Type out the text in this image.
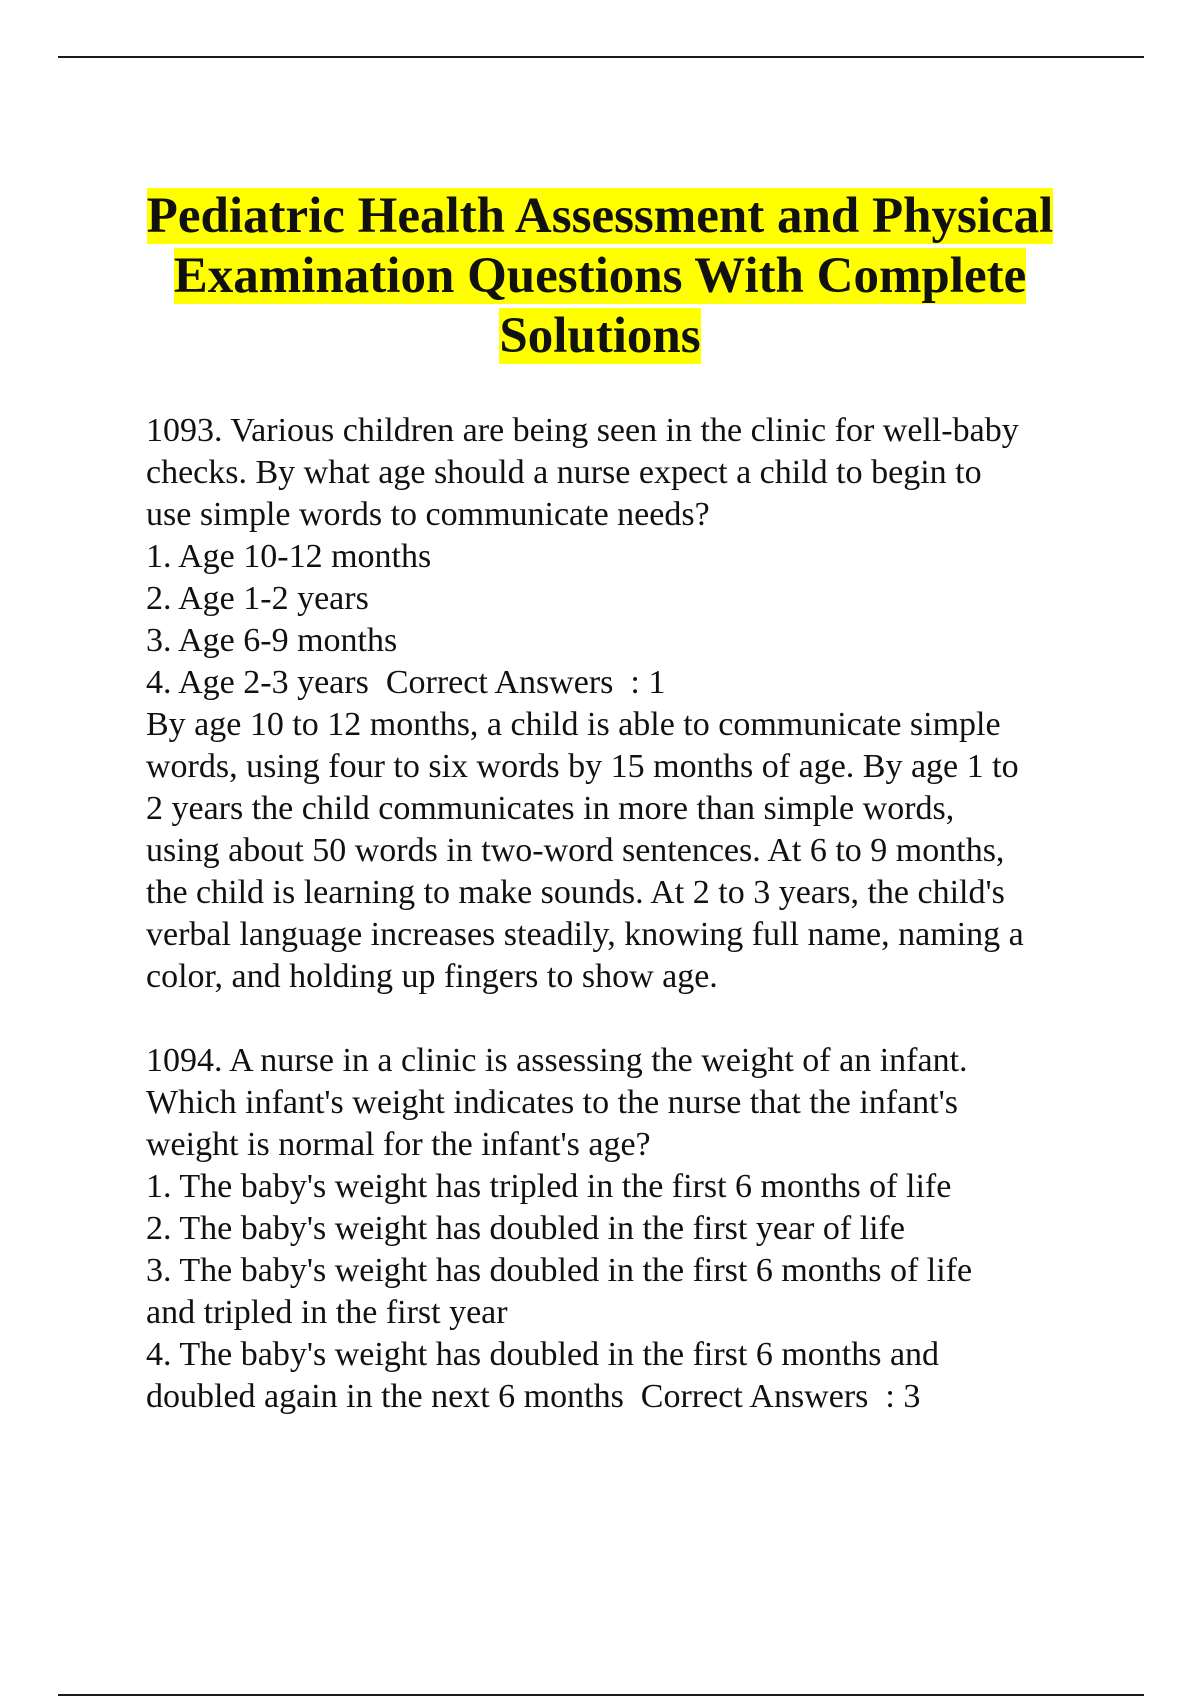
Pediatric Health Assessment and Physical
Examination Questions With Complete
Solutions
1093. Various children are being seen in the clinic for well-baby
checks. By what age should a nurse expect a child to begin to
use simple words to communicate needs?
1. Age 10-12 months
2. Age 1-2 years
3. Age 6-9 months
4. Age 2-3 years  Correct Answers  : 1
By age 10 to 12 months, a child is able to communicate simple
words, using four to six words by 15 months of age. By age 1 to
2 years the child communicates in more than simple words,
using about 50 words in two-word sentences. At 6 to 9 months,
the child is learning to make sounds. At 2 to 3 years, the child's
verbal language increases steadily, knowing full name, naming a
color, and holding up fingers to show age.
1094. A nurse in a clinic is assessing the weight of an infant.
Which infant's weight indicates to the nurse that the infant's
weight is normal for the infant's age?
1. The baby's weight has tripled in the first 6 months of life
2. The baby's weight has doubled in the first year of life
3. The baby's weight has doubled in the first 6 months of life
and tripled in the first year
4. The baby's weight has doubled in the first 6 months and
doubled again in the next 6 months  Correct Answers  : 3
